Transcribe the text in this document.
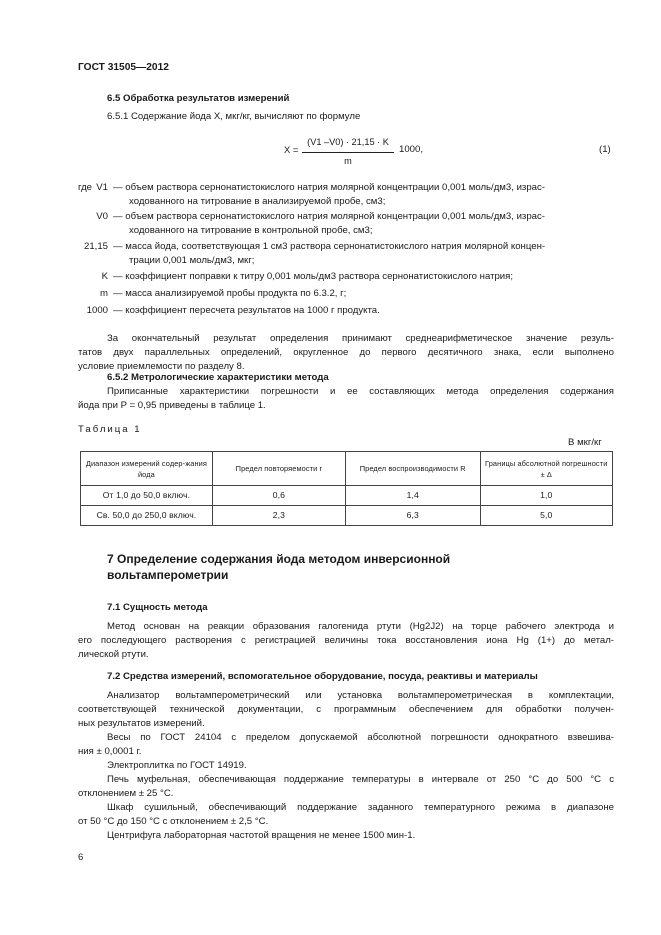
ГОСТ 31505—2012
6.5 Обработка результатов измерений
6.5.1 Содержание йода X, мкг/кг, вычисляют по формуле
X =
(V1 –V0) · 21,15 · K
m
1000,	(1)
где V1 — объем раствора сернонатистокислого натрия молярной концентрации 0,001 моль/дм3, израс-
ходованного на титрование в анализируемой пробе, см3;
V0 — объем раствора сернонатистокислого натрия молярной концентрации 0,001 моль/дм3, израс-
ходованного на титрование в контрольной пробе, см3;
21,15 — масса йода, соответствующая 1 см3 раствора сернонатистокислого натрия молярной концен-
трации 0,001 моль/дм3, мкг;
K — коэффициент поправки к титру 0,001 моль/дм3 раствора сернонатистокислого натрия;
m — масса анализируемой пробы продукта по 6.3.2, г;
1000 — коэффициент пересчета результатов на 1000 г продукта.
За окончательный результат определения принимают среднеарифметическое значение резуль-
татов двух параллельных определений, округленное до первого десятичного знака, если выполнено
условие приемлемости по разделу 8.
6.5.2 Метрологические характеристики метода
Приписанные характеристики погрешности и ее составляющих метода определения содержания
йода при P = 0,95 приведены в таблице 1.
Таблица 1
В мкг/кг
Диапазон измерений содер-жания йода	Предел повторяемости r	Предел воспроизводимости R	Границы абсолютной погрешности ± Δ
От 1,0 до 50,0 включ.	0,6	1,4	1,0
Св. 50,0 до 250,0 включ.	2,3	6,3	5,0
7 Определение содержания йода методом инверсионной
вольтамперометрии
7.1 Сущность метода
Метод основан на реакции образования галогенида ртути (Hg2J2) на торце рабочего электрода и
его последующего растворения с регистрацией величины тока восстановления иона Hg (1+) до метал-
лической ртути.
7.2 Средства измерений, вспомогательное оборудование, посуда, реактивы и материалы
Анализатор вольтамперометрический или установка вольтамперометрическая в комплектации,
соответствующей технической документации, с программным обеспечением для обработки получен-
ных результатов измерений.
Весы по ГОСТ 24104 с пределом допускаемой абсолютной погрешности однократного взвешива-
ния ± 0,0001 г.
Электроплитка по ГОСТ 14919.
Печь муфельная, обеспечивающая поддержание температуры в интервале от 250 °С до 500 °С с
отклонением ± 25 °С.
Шкаф сушильный, обеспечивающий поддержание заданного температурного режима в диапазоне
от 50 °С до 150 °С с отклонением ± 2,5 °С.
Центрифуга лабораторная частотой вращения не менее 1500 мин-1.
6
